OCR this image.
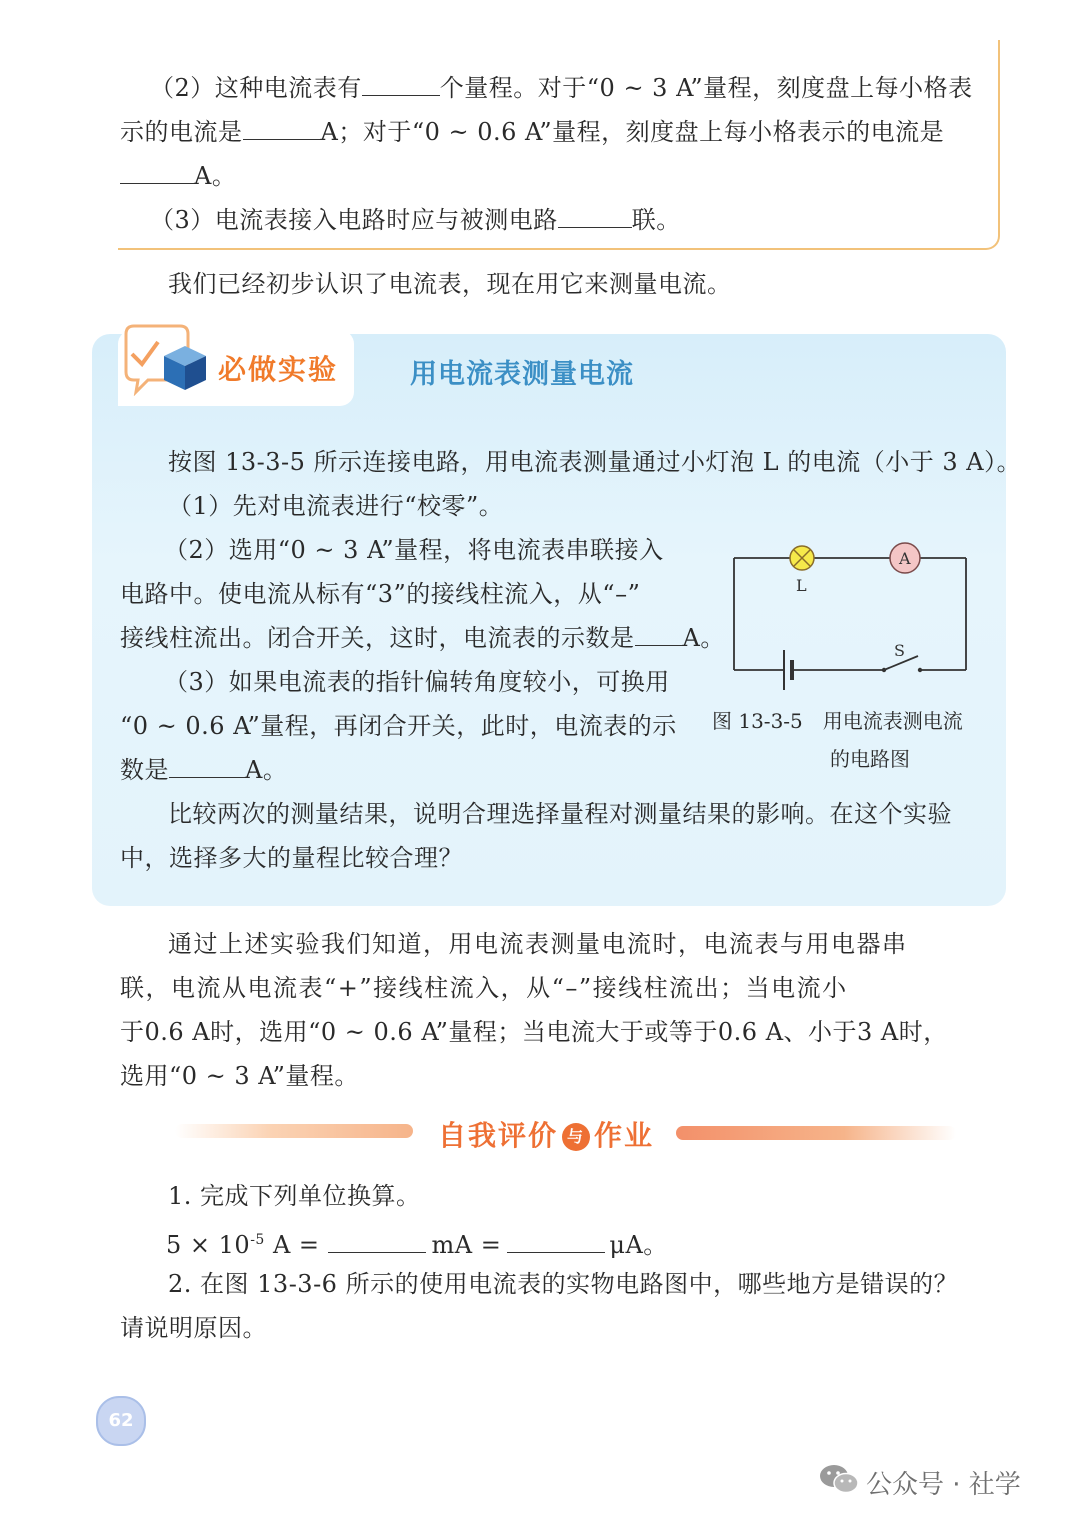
（2）这种电流表有	个量程。对于“0 ~ 3 A”量程，刻度盘上每小格表
示的电流是	A；对于“0 ~ 0.6 A”量程，刻度盘上每小格表示的电流是
A。
（3）电流表接入电路时应与被测电路	联。
我们已经初步认识了电流表，现在用它来测量电流。
必做实验	用电流表测量电流
按图 13-3-5 所示连接电路，用电流表测量通过小灯泡 L 的电流（小于 3 A）。
（1）先对电流表进行“校零”。
（2）选用“0 ~ 3 A”量程，将电流表串联接入
电路中。使电流从标有“3”的接线柱流入，从“–”
接线柱流出。闭合开关，这时，电流表的示数是 A。
（3）如果电流表的指针偏转角度较小，可换用
“0 ~ 0.6 A”量程，再闭合开关，此时，电流表的示
数是	A。
比较两次的测量结果，说明合理选择量程对测量结果的影响。在这个实验
中，选择多大的量程比较合理？
L
A
S
图 13-3-5 用电流表测电流
的电路图
通过上述实验我们知道，用电流表测量电流时，电流表与用电器串
联，电流从电流表“+”接线柱流入，从“–”接线柱流出；当电流小
于0.6 A时，选用“0 ~ 0.6 A”量程；当电流大于或等于0.6 A、小于3 A时，
选用“0 ~ 3 A”量程。
自我评价 与 作业
1. 完成下列单位换算。
$5 \times 10^{-5}$ A =	mA =	μA。
2. 在图 13-3-6 所示的使用电流表的实物电路图中，哪些地方是错误的？
请说明原因。
62
公众号 · 社学
